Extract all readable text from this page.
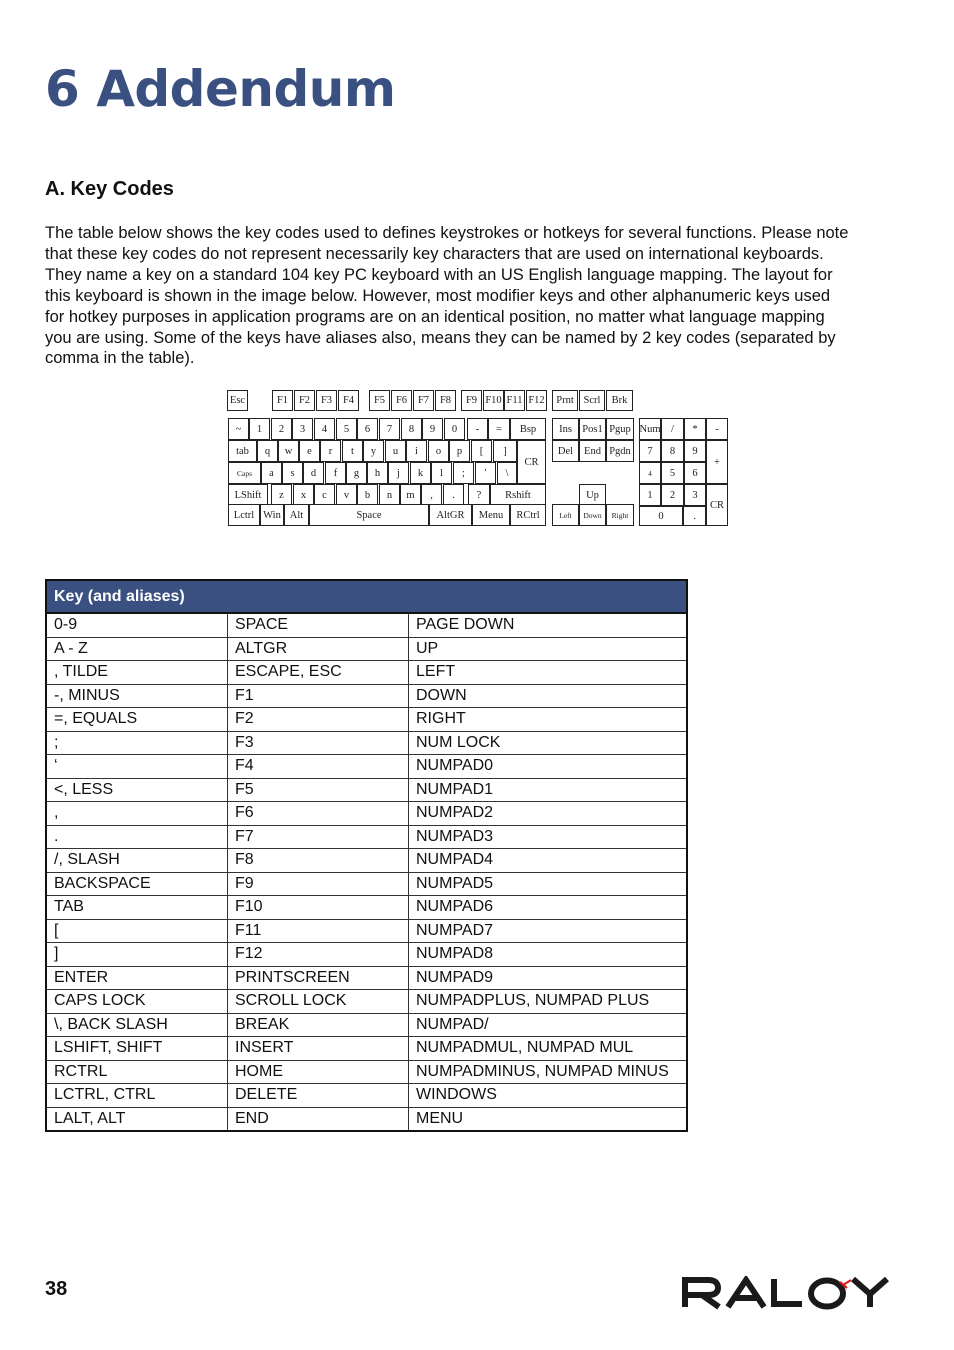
6 Addendum
A. Key Codes
The table below shows the key codes used to defines keystrokes or hotkeys for several functions. Please note
that these key codes do not represent necessarily key characters that are used on international keyboards.
They name a key on a standard 104 key PC keyboard with an US English language mapping. The layout for
this keyboard is shown in the image below. However, most modifier keys and other alphanumeric keys used
for hotkey purposes in application programs are on an identical position, no matter what language mapping
you are using. Some of the keys have aliases also, means they can be named by 2 key codes (separated by
comma in the table).
Esc	F1	F2	F3	F4	F5	F6	F7	F8	F9 F10 F11 F12	Prnt Scrl	Brk
~	1	2	3	4	5	6	7	8	9	0	-	=	Bsp
tab	q	w	e	r	t	y	u	i	o	p	[	]
CR
Caps	a	s	d	f	g	h	j	k	l	;	'	\
LShift	z	x	c	v	b	n	m	,	.	?	Rshift
Lctrl Win Alt	Space	AltGR	Menu	RCtrl
Ins Pos1 Pgup
Del	End Pgdn
Up
Left	Down	Right
Num	/	*	-
7	8	9
+
4	5	6
1	2	3
CR
0	.
Key (and aliases)		
0-9	SPACE	PAGE DOWN
A - Z	ALTGR	UP
, TILDE	ESCAPE, ESC	LEFT
-, MINUS	F1	DOWN
=, EQUALS	F2	RIGHT
;	F3	NUM LOCK
‘	F4	NUMPAD0
<, LESS	F5	NUMPAD1
,	F6	NUMPAD2
.	F7	NUMPAD3
/, SLASH	F8	NUMPAD4
BACKSPACE	F9	NUMPAD5
TAB	F10	NUMPAD6
[	F11	NUMPAD7
]	F12	NUMPAD8
ENTER	PRINTSCREEN	NUMPAD9
CAPS LOCK	SCROLL LOCK	NUMPADPLUS, NUMPAD PLUS
\, BACK SLASH	BREAK	NUMPAD/
LSHIFT, SHIFT	INSERT	NUMPADMUL, NUMPAD MUL
RCTRL	HOME	NUMPADMINUS, NUMPAD MINUS
LCTRL, CTRL	DELETE	WINDOWS
LALT, ALT	END	MENU
38
